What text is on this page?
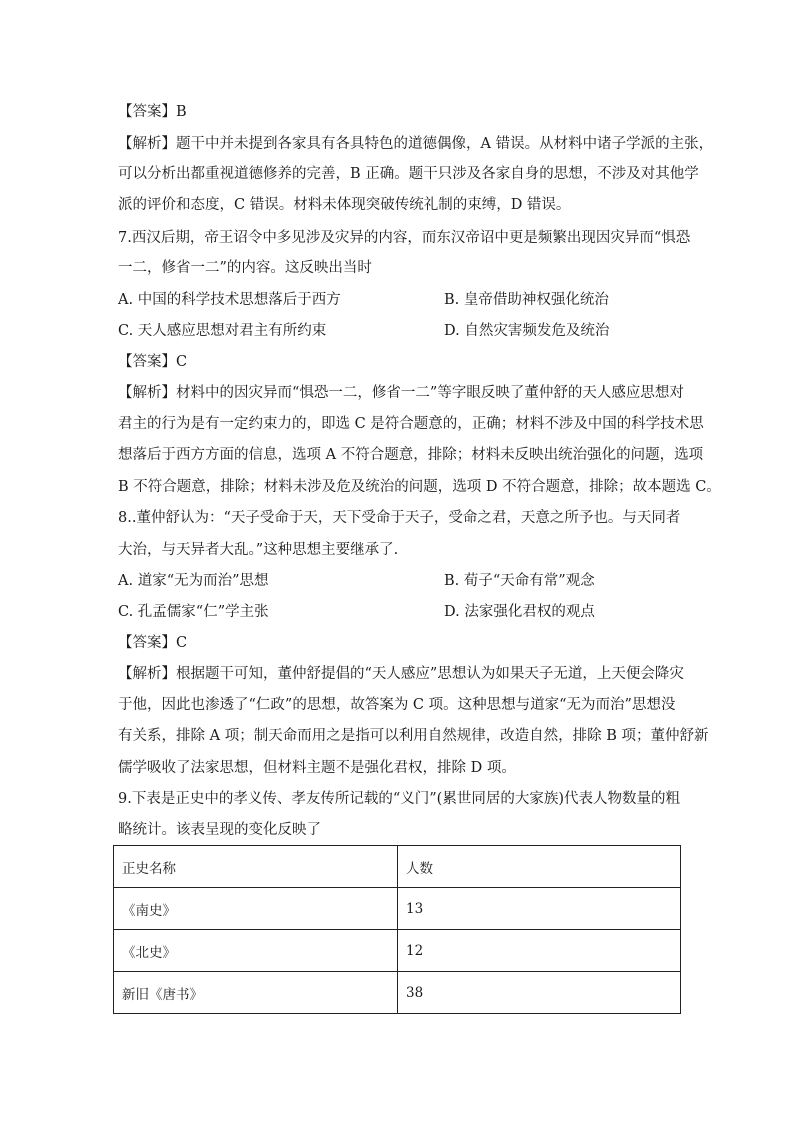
【答案】B
【解析】题干中并未提到各家具有各具特色的道德偶像，A 错误。从材料中诸子学派的主张，
可以分析出都重视道德修养的完善，B 正确。题干只涉及各家自身的思想，不涉及对其他学
派的评价和态度，C 错误。材料未体现突破传统礼制的束缚，D 错误。
7.西汉后期，帝王诏令中多见涉及灾异的内容，而东汉帝诏中更是频繁出现因灾异而“惧恐
一二，修省一二”的内容。这反映出当时
A. 中国的科学技术思想落后于西方	B. 皇帝借助神权强化统治
C. 天人感应思想对君主有所约束	D. 自然灾害频发危及统治
【答案】C
【解析】材料中的因灾异而“惧恐一二，修省一二”等字眼反映了董仲舒的天人感应思想对
君主的行为是有一定约束力的，即选 C 是符合题意的，正确；材料不涉及中国的科学技术思
想落后于西方方面的信息，选项 A 不符合题意，排除；材料未反映出统治强化的问题，选项
B 不符合题意，排除；材料未涉及危及统治的问题，选项 D 不符合题意，排除；故本题选 C。
8..董仲舒认为：“天子受命于天，天下受命于天子，受命之君，天意之所予也。与天同者
大治，与天异者大乱。”这种思想主要继承了.
A. 道家“无为而治”思想	B. 荀子“天命有常”观念
C. 孔孟儒家“仁”学主张	D. 法家强化君权的观点
【答案】C
【解析】根据题干可知，董仲舒提倡的“天人感应”思想认为如果天子无道，上天便会降灾
于他，因此也渗透了“仁政”的思想，故答案为 C 项。这种思想与道家“无为而治”思想没
有关系，排除 A 项；制天命而用之是指可以利用自然规律，改造自然，排除 B 项；董仲舒新
儒学吸收了法家思想，但材料主题不是强化君权，排除 D 项。
9.下表是正史中的孝义传、孝友传所记载的“义门”(累世同居的大家族)代表人物数量的粗
略统计。该表呈现的变化反映了
正史名称	人数
《南史》	13
《北史》	12
新旧《唐书》	38
